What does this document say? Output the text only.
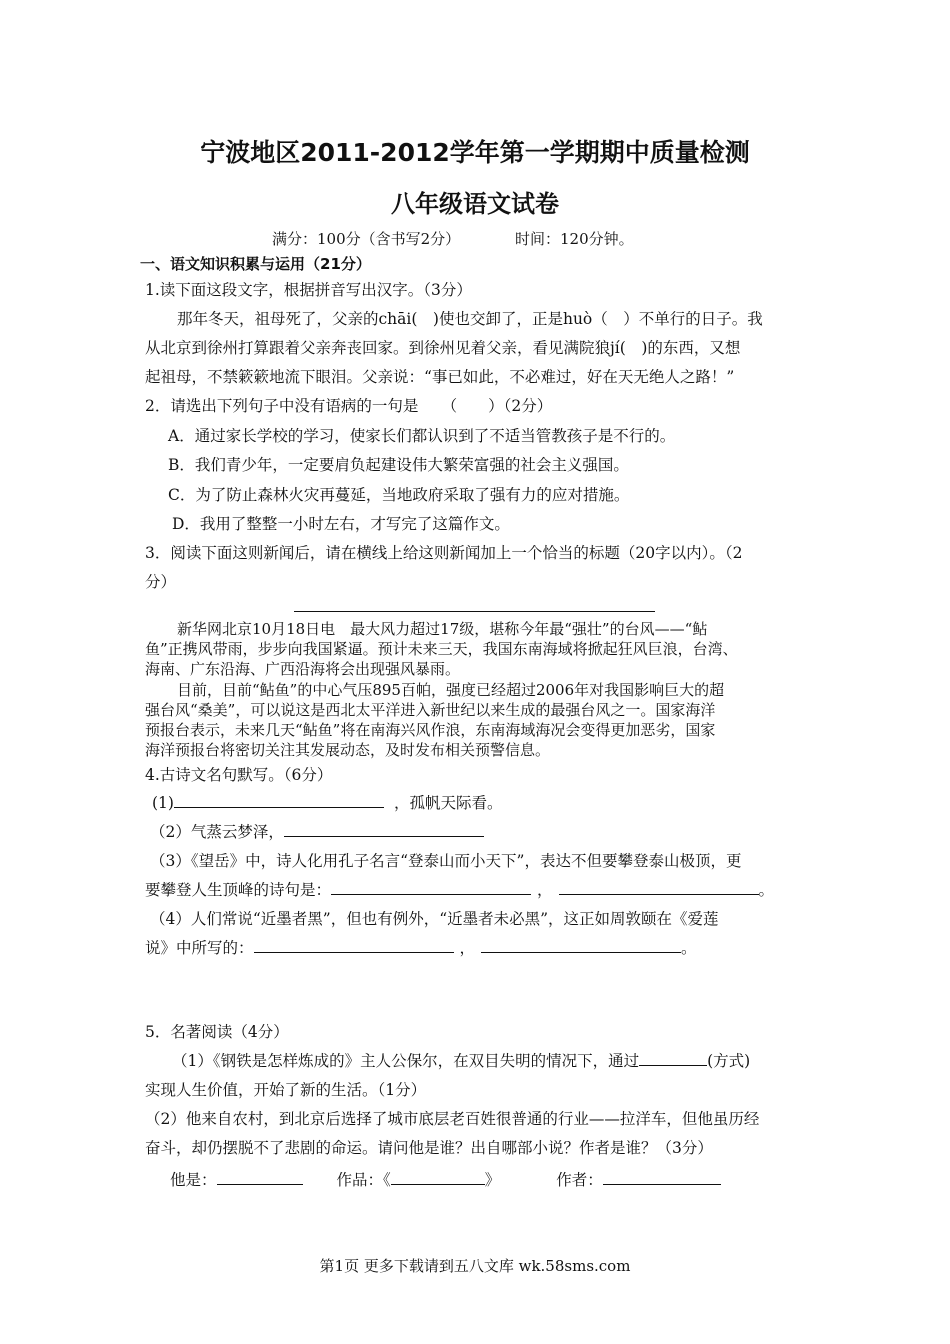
宁波地区2011-2012学年第一学期期中质量检测
八年级语文试卷
满分：100分（含书写2分）	时间：120分钟。
一、语文知识积累与运用（21分）
1.读下面这段文字，根据拼音写出汉字。（3分）
那年冬天，祖母死了，父亲的chāi(　)使也交卸了，正是huò（　）不单行的日子。我
从北京到徐州打算跟着父亲奔丧回家。到徐州见着父亲，看见满院狼jí(　)的东西，又想
起祖母，不禁簌簌地流下眼泪。父亲说：“事已如此，不必难过，好在天无绝人之路！”
2．请选出下列句子中没有语病的一句是　　（　　）（2分）
A．通过家长学校的学习，使家长们都认识到了不适当管教孩子是不行的。
B．我们青少年，一定要肩负起建设伟大繁荣富强的社会主义强国。
C．为了防止森林火灾再蔓延，当地政府采取了强有力的应对措施。
D．我用了整整一小时左右，才写完了这篇作文。
3．阅读下面这则新闻后，请在横线上给这则新闻加上一个恰当的标题（20字以内）。（2
分）
新华网北京10月18日电　最大风力超过17级，堪称今年最“强壮”的台风——“鲇
鱼”正携风带雨，步步向我国紧逼。预计未来三天，我国东南海域将掀起狂风巨浪，台湾、
海南、广东沿海、广西沿海将会出现强风暴雨。
目前，目前“鲇鱼”的中心气压895百帕，强度已经超过2006年对我国影响巨大的超
强台风“桑美”，可以说这是西北太平洋进入新世纪以来生成的最强台风之一。国家海洋
预报台表示，未来几天“鲇鱼”将在南海兴风作浪，东南海域海况会变得更加恶劣，国家
海洋预报台将密切关注其发展动态，及时发布相关预警信息。
4.古诗文名句默写。（6分）
(1)	，孤帆天际看。
（2）气蒸云梦泽，
（3）《望岳》中，诗人化用孔子名言“登泰山而小天下”，表达不但要攀登泰山极顶，更
要攀登人生顶峰的诗句是：	，	。
（4）人们常说“近墨者黑”，但也有例外，“近墨者未必黑”，这正如周敦颐在《爱莲
说》中所写的：	，	。
5．名著阅读（4分）
（1）《钢铁是怎样炼成的》主人公保尔，在双目失明的情况下，通过	(方式)
实现人生价值，开始了新的生活。（1分）
（2）他来自农村，到北京后选择了城市底层老百姓很普通的行业——拉洋车，但他虽历经
奋斗，却仍摆脱不了悲剧的命运。请问他是谁？出自哪部小说？作者是谁？（3分）
他是：	作品：《	》	作者：
第1页 更多下载请到五八文库 wk.58sms.com
